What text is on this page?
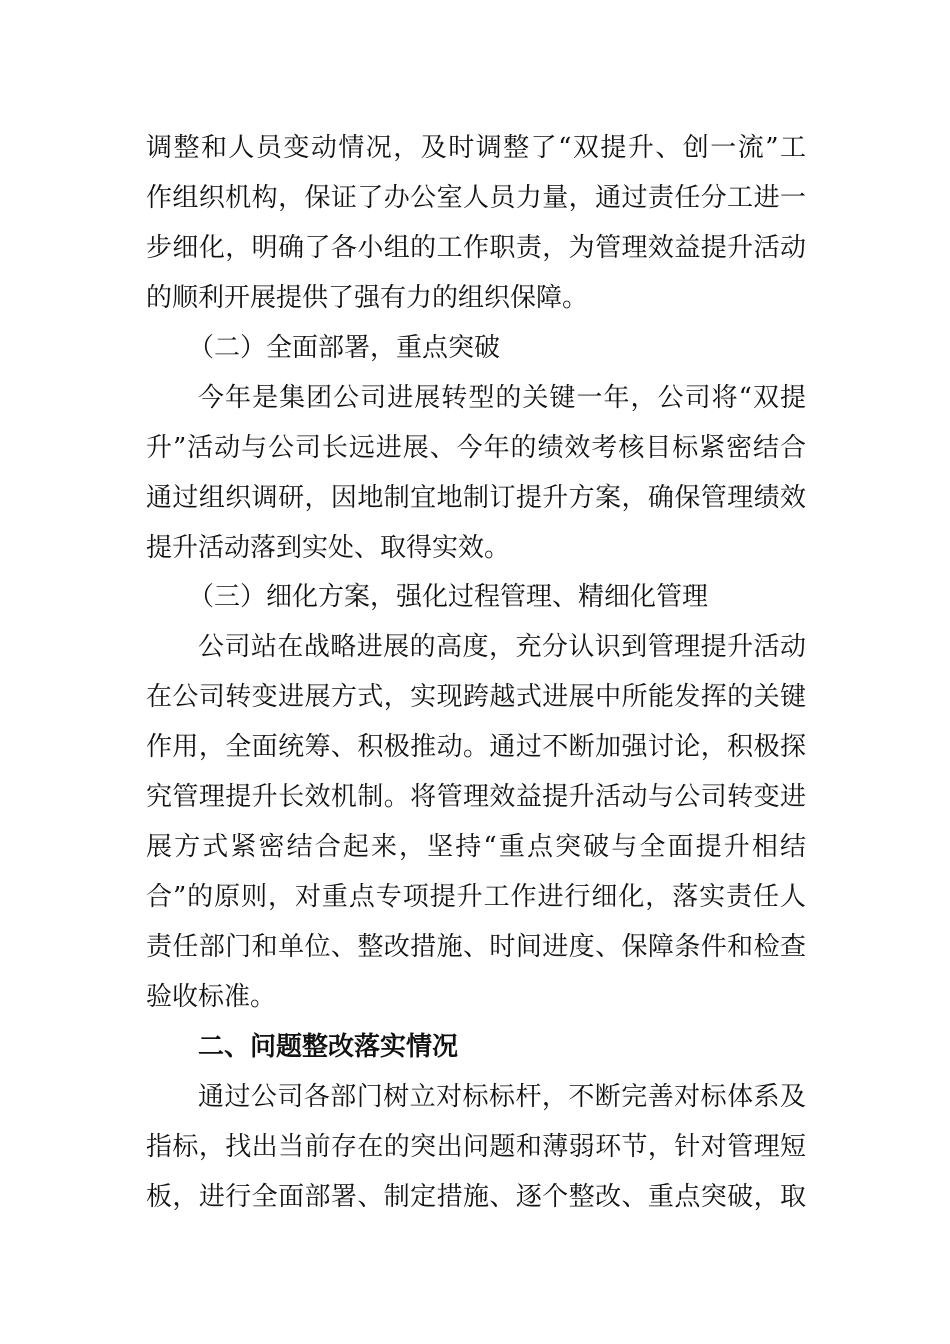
调整和人员变动情况，及时调整了“双提升、创一流”工
作组织机构，保证了办公室人员力量，通过责任分工进一
步细化，明确了各小组的工作职责，为管理效益提升活动
的顺利开展提供了强有力的组织保障。
（二）全面部署，重点突破
今年是集团公司进展转型的关键一年，公司将“双提
升”活动与公司长远进展、今年的绩效考核目标紧密结合
通过组织调研，因地制宜地制订提升方案，确保管理绩效
提升活动落到实处、取得实效。
（三）细化方案，强化过程管理、精细化管理
公司站在战略进展的高度，充分认识到管理提升活动
在公司转变进展方式，实现跨越式进展中所能发挥的关键
作用，全面统筹、积极推动。通过不断加强讨论，积极探
究管理提升长效机制。将管理效益提升活动与公司转变进
展方式紧密结合起来，坚持“重点突破与全面提升相结
合”的原则，对重点专项提升工作进行细化，落实责任人
责任部门和单位、整改措施、时间进度、保障条件和检查
验收标准。
二、问题整改落实情况
通过公司各部门树立对标标杆，不断完善对标体系及
指标，找出当前存在的突出问题和薄弱环节，针对管理短
板，进行全面部署、制定措施、逐个整改、重点突破，取
